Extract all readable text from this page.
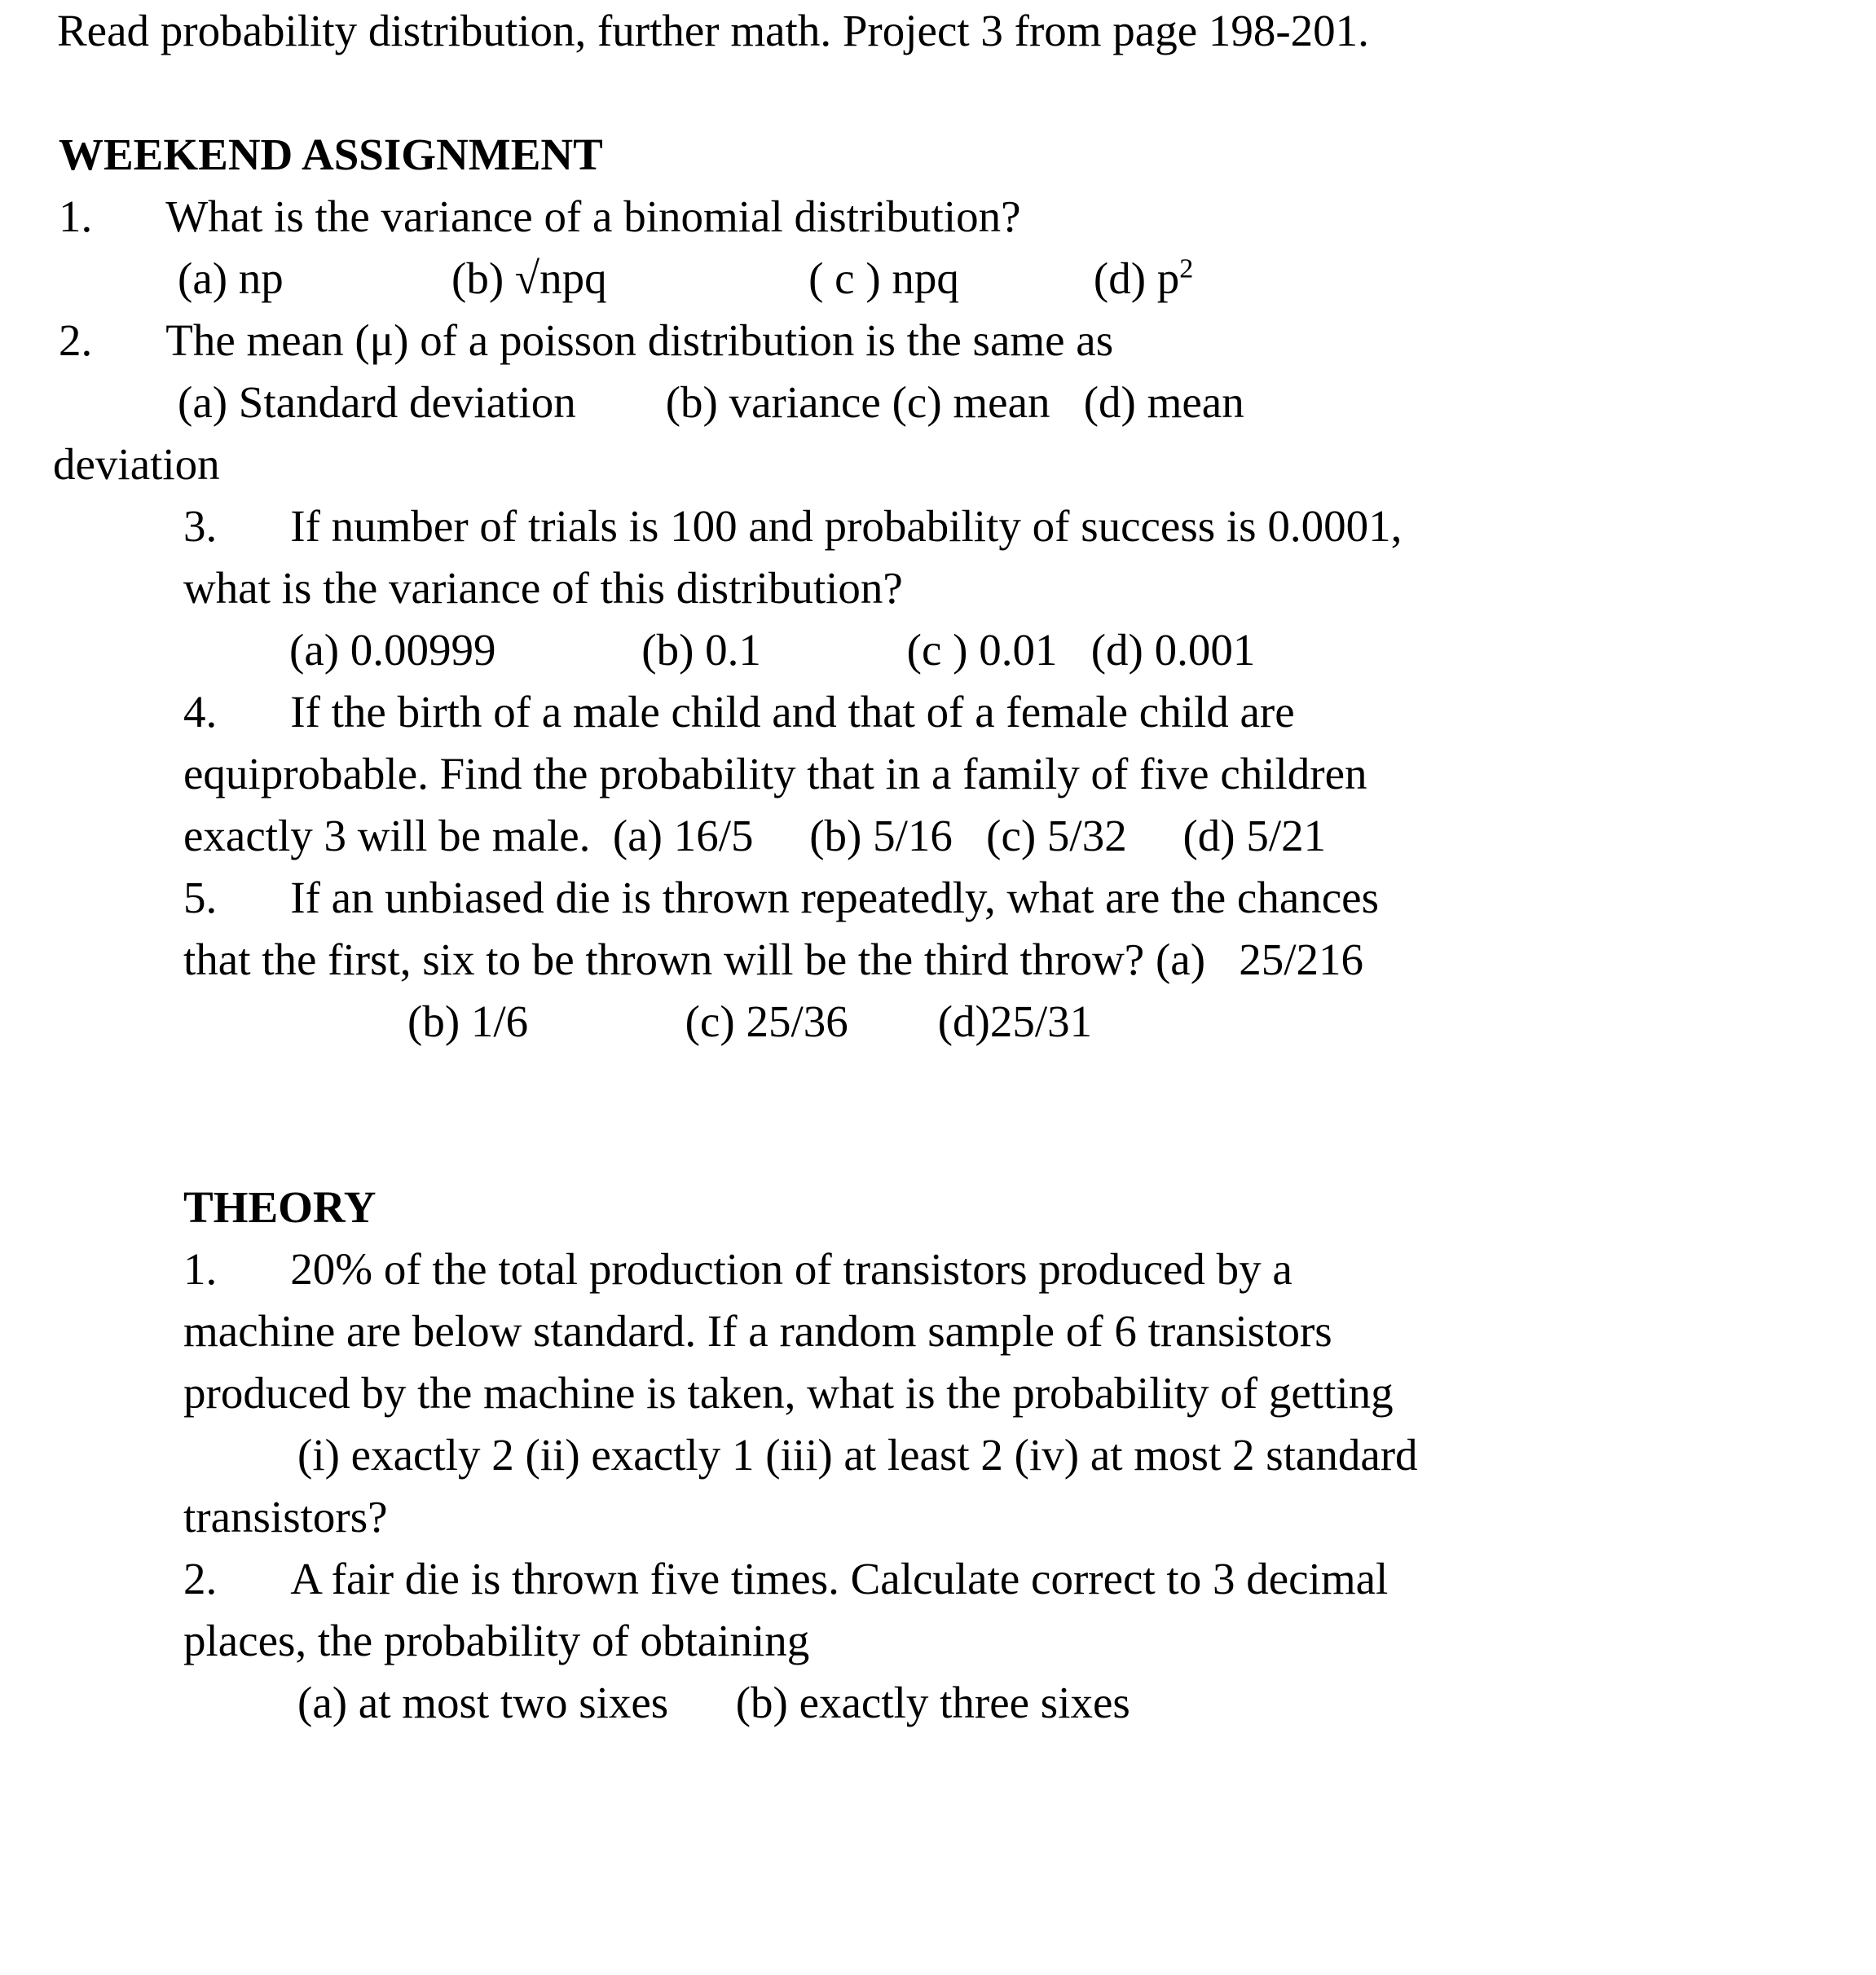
Read probability distribution, further math. Project 3 from page 198-201.
WEEKEND ASSIGNMENT
1. What is the variance of a binomial distribution?
(a) np               (b) √npq                  ( c ) npq            (d) $p^2$
2. The mean (μ) of a poisson distribution is the same as
(a) Standard deviation        (b) variance (c) mean   (d) mean
deviation
3. If number of trials is 100 and probability of success is 0.0001,
what is the variance of this distribution?
(a) 0.00999             (b) 0.1             (c ) 0.01   (d) 0.001
4. If the birth of a male child and that of a female child are
equiprobable. Find the probability that in a family of five children
exactly 3 will be male.  (a) 16/5     (b) 5/16   (c) 5/32     (d) 5/21
5. If an unbiased die is thrown repeatedly, what are the chances
that the first, six to be thrown will be the third throw? (a)   25/216
(b) 1/6              (c) 25/36        (d)25/31
THEORY
1. 20% of the total production of transistors produced by a
machine are below standard. If a random sample of 6 transistors
produced by the machine is taken, what is the probability of getting
(i) exactly 2 (ii) exactly 1 (iii) at least 2 (iv) at most 2 standard
transistors?
2. A fair die is thrown five times. Calculate correct to 3 decimal
places, the probability of obtaining
(a) at most two sixes      (b) exactly three sixes
